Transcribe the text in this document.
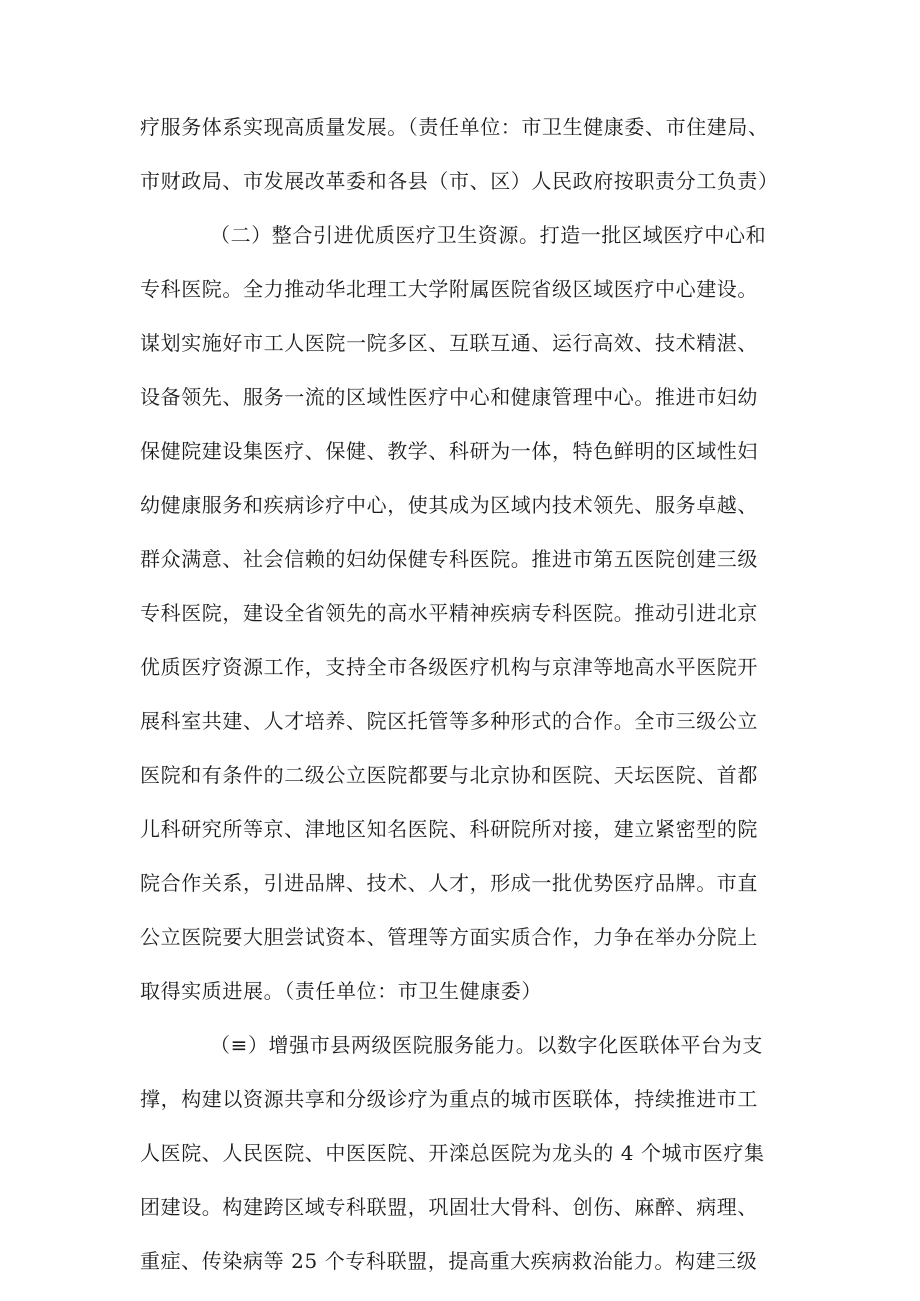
疗服务体系实现高质量发展。（责任单位：市卫生健康委、市住建局、
市财政局、市发展改革委和各县（市、区）人民政府按职责分工负责）
（二）整合引进优质医疗卫生资源。打造一批区域医疗中心和
专科医院。全力推动华北理工大学附属医院省级区域医疗中心建设。
谋划实施好市工人医院一院多区、互联互通、运行高效、技术精湛、
设备领先、服务一流的区域性医疗中心和健康管理中心。推进市妇幼
保健院建设集医疗、保健、教学、科研为一体，特色鲜明的区域性妇
幼健康服务和疾病诊疗中心，使其成为区域内技术领先、服务卓越、
群众满意、社会信赖的妇幼保健专科医院。推进市第五医院创建三级
专科医院，建设全省领先的高水平精神疾病专科医院。推动引进北京
优质医疗资源工作，支持全市各级医疗机构与京津等地高水平医院开
展科室共建、人才培养、院区托管等多种形式的合作。全市三级公立
医院和有条件的二级公立医院都要与北京协和医院、天坛医院、首都
儿科研究所等京、津地区知名医院、科研院所对接，建立紧密型的院
院合作关系，引进品牌、技术、人才，形成一批优势医疗品牌。市直
公立医院要大胆尝试资本、管理等方面实质合作，力争在举办分院上
取得实质进展。（责任单位：市卫生健康委）
（≡）增强市县两级医院服务能力。以数字化医联体平台为支
撑，构建以资源共享和分级诊疗为重点的城市医联体，持续推进市工
人医院、人民医院、中医医院、开滦总医院为龙头的 4 个城市医疗集
团建设。构建跨区域专科联盟，巩固壮大骨科、创伤、麻醉、病理、
重症、传染病等 25 个专科联盟，提高重大疾病救治能力。构建三级
